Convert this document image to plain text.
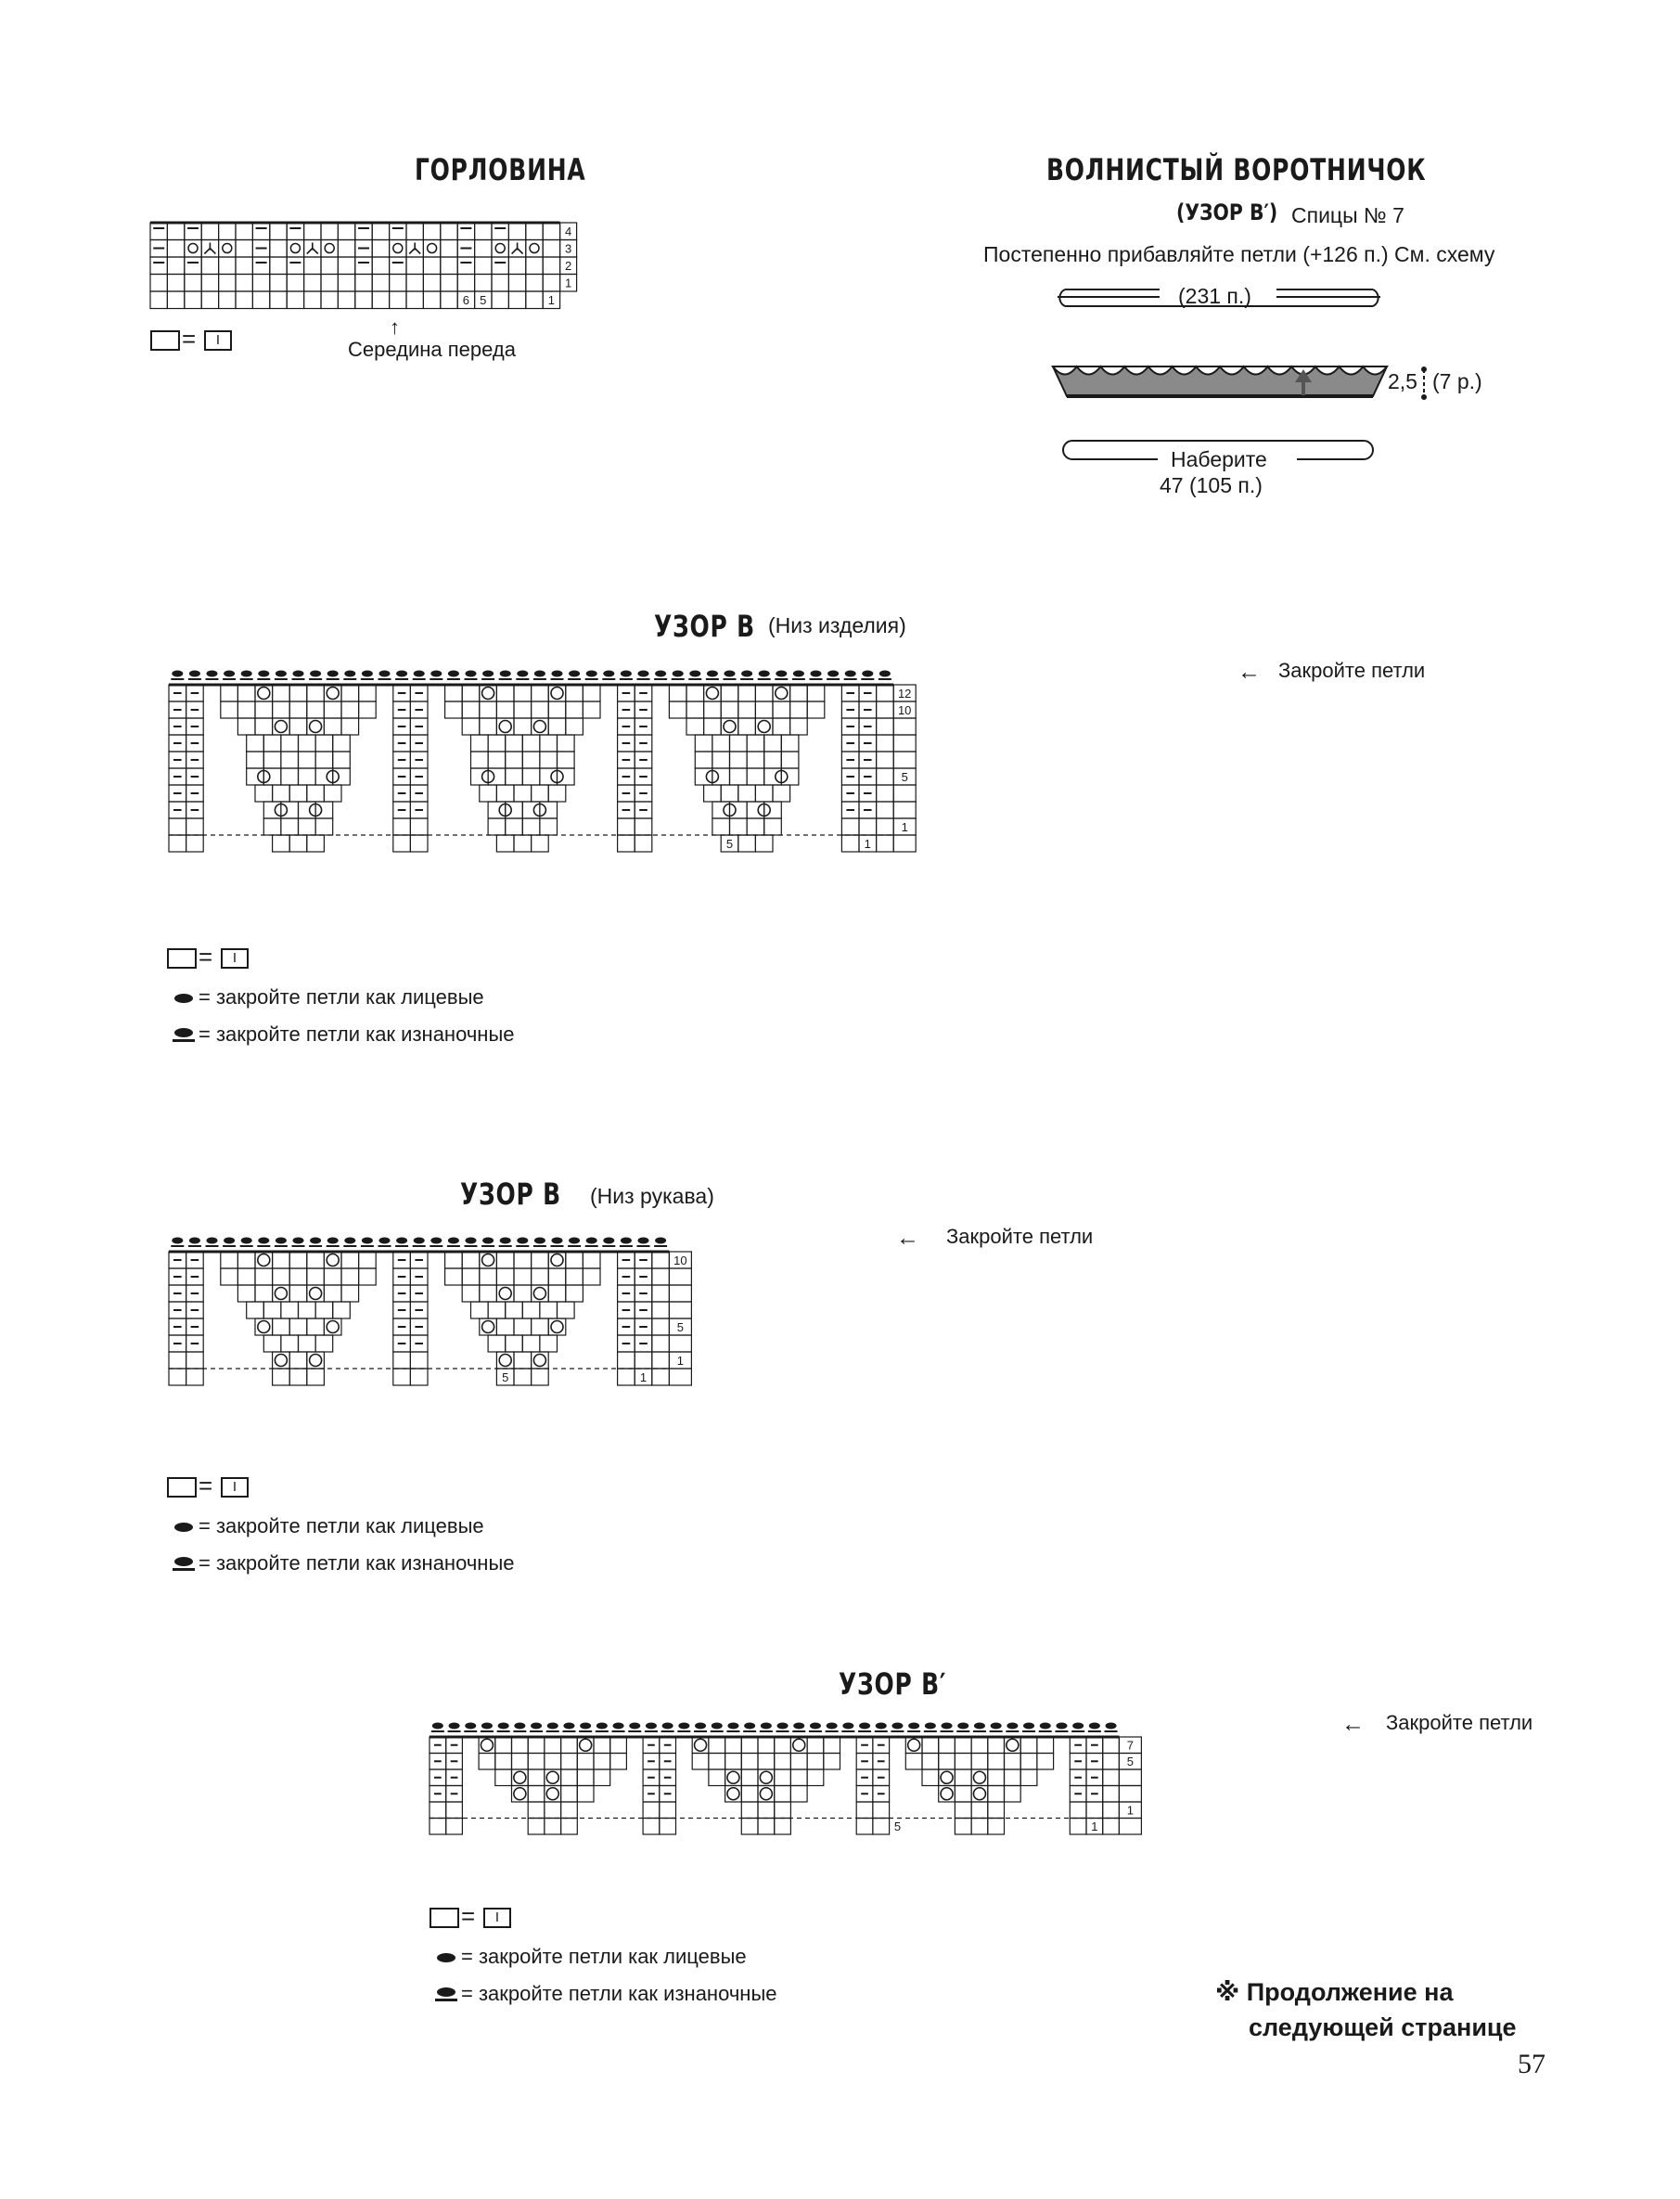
ГОРЛОВИНА
4
3
2
1
6 5	1
Середина переда
↑
=	I
ВОЛНИСТЫЙ ВОРОТНИЧОК
(УЗОР В′) Спицы № 7
Постепенно прибавляйте петли (+126 п.) См. схему
(231 п.)
2,5 (7 р.)
Наберите
47 (105 п.)
УЗОР В (Низ изделия)
12
10
5
1
5	1
← Закройте петли
=	I
= закройте петли как лицевые
= закройте петли как изнаночные
УЗОР В (Низ рукава)
10
5
1
5	1
← Закройте петли
=	I
= закройте петли как лицевые
= закройте петли как изнаночные
УЗОР В′
7
5
1
5	1
← Закройте петли
=	I
= закройте петли как лицевые
= закройте петли как изнаночные	※ Продолжение на
следующей странице
57
